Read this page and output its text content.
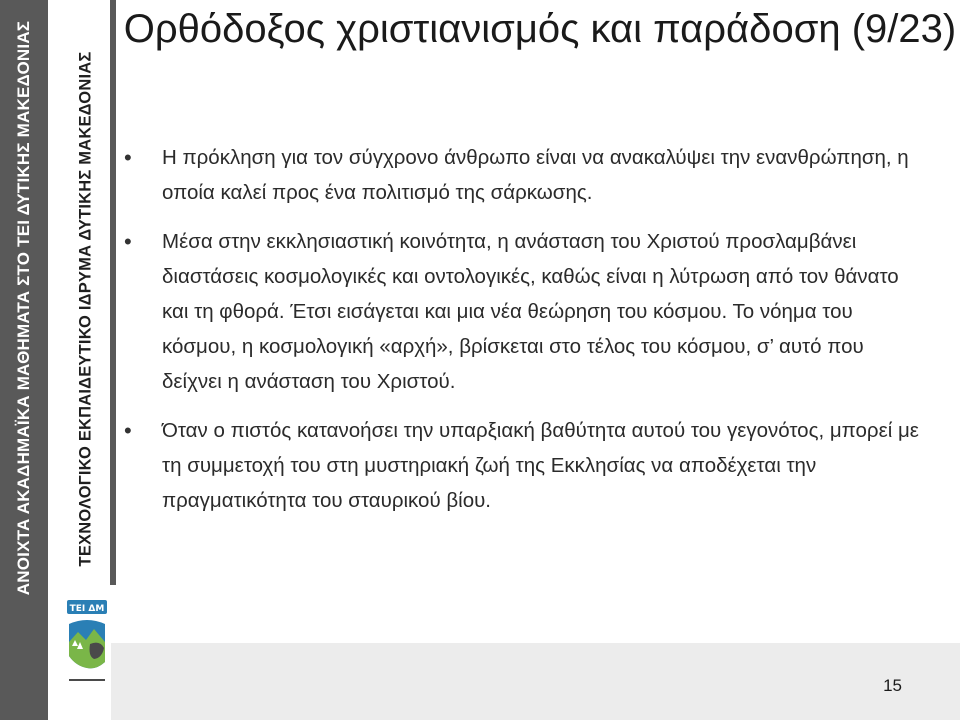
ΑΝΟΙΧΤΑ ΑΚΑΔΗΜΑΪΚΑ ΜΑΘΗΜΑΤΑ ΣΤΟ ΤΕΙ ΔΥΤΙΚΗΣ ΜΑΚΕΔΟΝΙΑΣ	ΤΕΧΝΟΛΟΓΙΚΟ ΕΚΠΑΙΔΕΥΤΙΚΟ ΙΔΡΥΜΑ ΔΥΤΙΚΗΣ ΜΑΚΕΔΟΝΙΑΣ
ΤΕΙ ΔΜ
15
Ορθόδοξος χριστιανισμός και παράδοση (9/23)
• Η πρόκληση για τον σύγχρονο άνθρωπο είναι να ανακαλύψει την ενανθρώπηση, η οποία καλεί προς ένα πολιτισμό της σάρκωσης.
• Μέσα στην εκκλησιαστική κοινότητα, η ανάσταση του Χριστού προσλαμβάνει διαστάσεις κοσμολογικές και οντολογικές, καθώς είναι η λύτρωση από τον θάνατο και τη φθορά. Έτσι εισάγεται και μια νέα θεώρηση του κόσμου. Το νόημα του κόσμου, η κοσμολογική «αρχή», βρίσκεται στο τέλος του κόσμου, σ’ αυτό που δείχνει η ανάσταση του Χριστού.
• Όταν ο πιστός κατανοήσει την υπαρξιακή βαθύτητα αυτού του γεγονότος, μπορεί με τη συμμετοχή του στη μυστηριακή ζωή της Εκκλησίας να αποδέχεται την πραγματικότητα του σταυρικού βίου.
